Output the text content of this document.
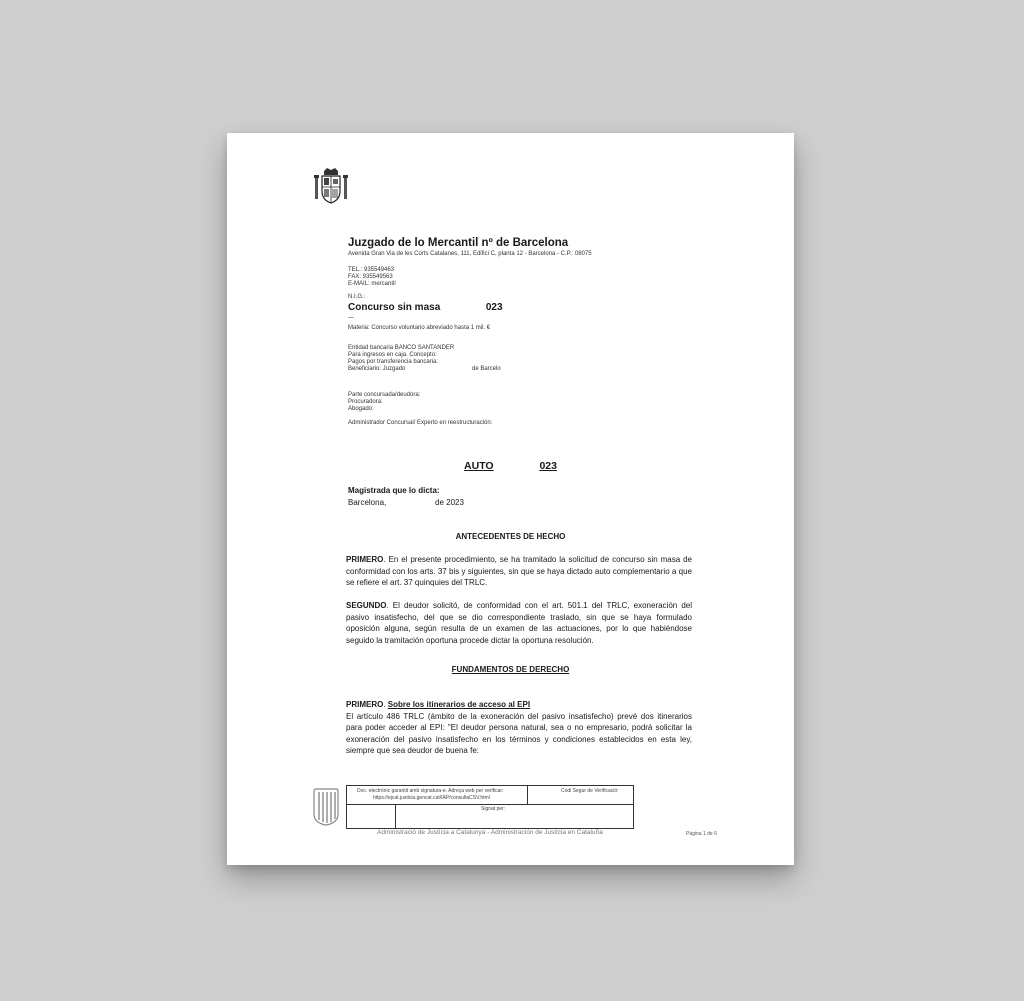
Juzgado de lo Mercantil nº de Barcelona
Avenida Gran Via de les Corts Catalanes, 111, Edifici C, planta 12 - Barcelona - C.P.: 08075
TEL.: 935549463
FAX: 935549563
E-MAIL: mercantil
N.I.G.:
Concurso sin masa	023
—
Materia: Concurso voluntario abreviado hasta 1 mil. €
Entidad bancaria BANCO SANTANDER
Para ingresos en caja. Concepto:
Pagos por transferencia bancaria:
Beneficiario: Juzgado	de Barcelo
Parte concursada/deudora:
Procuradora:
Abogado:
Administrador Concursal/ Experto en reestructuración:
AUTO	023
Magistrada que lo dicta:
Barcelona,	de 2023
ANTECEDENTES DE HECHO
PRIMERO. En el presente procedimiento, se ha tramitado la solicitud de concurso sin masa de conformidad con los arts. 37 bis y siguientes, sin que se haya dictado auto complementario a que se refiere el art. 37 quinquies del TRLC.
SEGUNDO. El deudor solicitó, de conformidad con el art. 501.1 del TRLC, exoneración del pasivo insatisfecho, del que se dio correspondiente traslado, sin que se haya formulado oposición alguna, según resulta de un examen de las actuaciones, por lo que habiéndose seguido la tramitación oportuna procede dictar la oportuna resolución.
FUNDAMENTOS DE DERECHO
PRIMERO. Sobre los itinerarios de acceso al EPI
El artículo 486 TRLC (ámbito de la exoneración del pasivo insatisfecho) prevé dos itinerarios para poder acceder al EPI: "El deudor persona natural, sea o no empresario, podrá solicitar la exoneración del pasivo insatisfecho en los términos y condiciones establecidos en esta ley, siempre que sea deudor de buena fe:
Doc. electrònic garantit amb signatura-e. Adreça web per verificar:
https://ejcat.justicia.gencat.cat/IAP/consultaCSV.html
Codi Segur de Verificació:
Signat per:
Administració de Justícia a Catalunya - Administración de Justicia en Cataluña	Página 1 de 6
